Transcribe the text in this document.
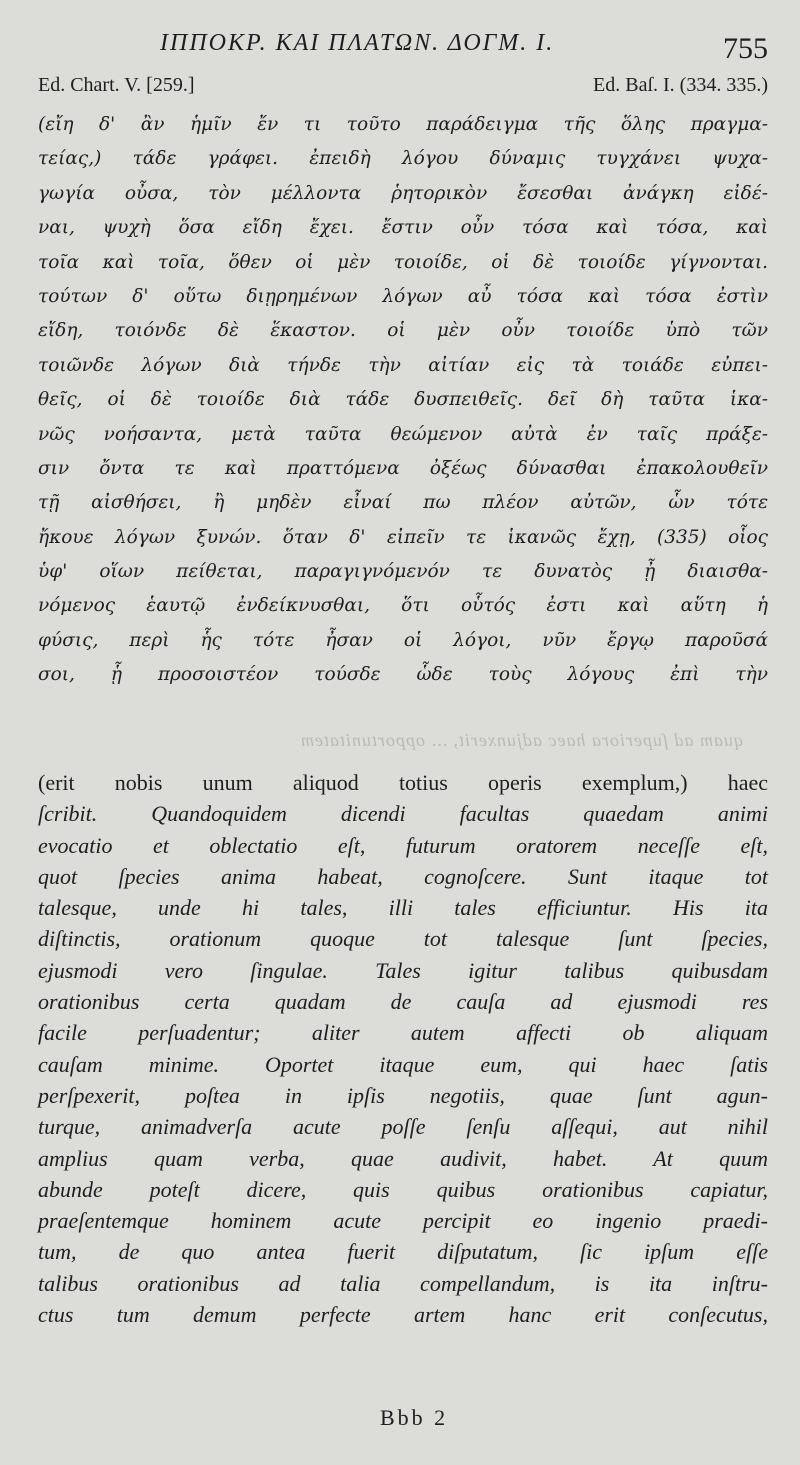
ΙΠΠΟΚΡ. ΚΑΙ ΠΛΑΤΩΝ. ΔΟΓΜ. Ι.	755
Ed. Chart. V. [259.]	Ed. Baſ. I. (334. 335.)
(εἴη δ' ἂν ἡμῖν ἔν τι τοῦτο παράδειγμα τῆς ὅλης πραγμα-
τείας,) τάδε γράφει. ἐπειδὴ λόγου δύναμις τυγχάνει ψυχα-
γωγία οὖσα, τὸν μέλλοντα ῥητορικὸν ἔσεσθαι ἀνάγκη εἰδέ-
ναι, ψυχὴ ὅσα εἴδη ἔχει. ἔστιν οὖν τόσα καὶ τόσα, καὶ
τοῖα καὶ τοῖα, ὅθεν οἱ μὲν τοιοίδε, οἱ δὲ τοιοίδε γίγνονται.
τούτων δ' οὕτω διῃρημένων λόγων αὖ τόσα καὶ τόσα ἐστὶν
εἴδη, τοιόνδε δὲ ἕκαστον. οἱ μὲν οὖν τοιοίδε ὑπὸ τῶν
τοιῶνδε λόγων διὰ τήνδε τὴν αἰτίαν εἰς τὰ τοιάδε εὐπει-
θεῖς, οἱ δὲ τοιοίδε διὰ τάδε δυσπειθεῖς. δεῖ δὴ ταῦτα ἱκα-
νῶς νοήσαντα, μετὰ ταῦτα θεώμενον αὐτὰ ἐν ταῖς πράξε-
σιν ὄντα τε καὶ πραττόμενα ὀξέως δύνασθαι ἐπακολουθεῖν
τῇ αἰσθήσει, ἢ μηδὲν εἶναί πω πλέον αὐτῶν, ὧν τότε
ἤκουε λόγων ξυνών. ὅταν δ' εἰπεῖν τε ἱκανῶς ἔχῃ, (335) οἷος
ὑφ' οἵων πείθεται, παραγιγνόμενόν τε δυνατὸς ᾖ διαισθα-
νόμενος ἑαυτῷ ἐνδείκνυσθαι, ὅτι οὗτός ἐστι καὶ αὕτη ἡ
φύσις, περὶ ἧς τότε ἦσαν οἱ λόγοι, νῦν ἔργῳ παροῦσά
σοι, ᾗ προσοιστέον τούσδε ὧδε τοὺς λόγους ἐπὶ τὴν
quam ad ſuperiora haec adjunxerit, ... opportunitatem
(erit nobis unum aliquod totius operis exemplum,) haec
ſcribit. Quandoquidem dicendi facultas quaedam animi
evocatio et oblectatio eſt, futurum oratorem neceſſe eſt,
quot ſpecies anima habeat, cognoſcere. Sunt itaque tot
talesque, unde hi tales, illi tales efficiuntur. His ita
diſtinctis, orationum quoque tot talesque ſunt ſpecies,
ejusmodi vero ſingulae. Tales igitur talibus quibusdam
orationibus certa quadam de cauſa ad ejusmodi res
facile perſuadentur; aliter autem affecti ob aliquam
cauſam minime. Oportet itaque eum, qui haec ſatis
perſpexerit, poſtea in ipſis negotiis, quae ſunt agun-
turque, animadverſa acute poſſe ſenſu aſſequi, aut nihil
amplius quam verba, quae audivit, habet. At quum
abunde poteſt dicere, quis quibus orationibus capiatur,
praeſentemque hominem acute percipit eo ingenio praedi-
tum, de quo antea fuerit diſputatum, ſic ipſum eſſe
talibus orationibus ad talia compellandum, is ita inſtru-
ctus tum demum perfecte artem hanc erit conſecutus,
Bbb 2
